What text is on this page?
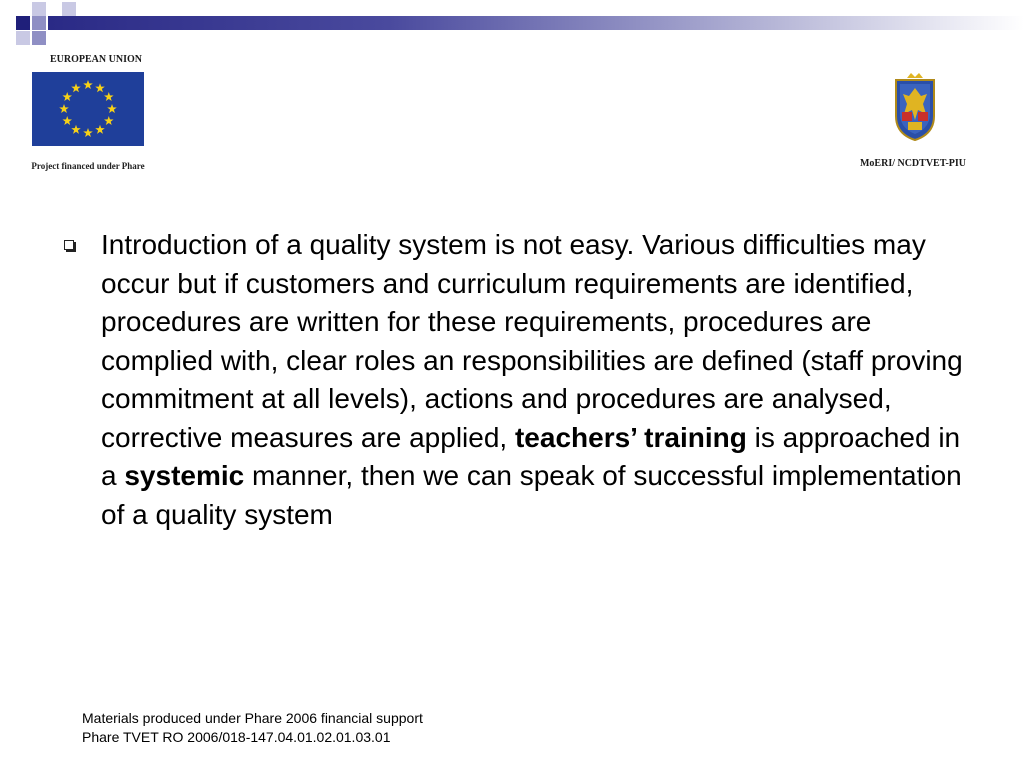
EUROPEAN UNION
Project financed under Phare	MoERI/ NCDTVET-PIU
Introduction of a quality system is not easy. Various difficulties may occur but if customers and curriculum requirements are identified, procedures are written for these requirements, procedures are complied with, clear roles an responsibilities are defined (staff proving commitment at all levels), actions and procedures are analysed, corrective measures are applied, teachers’ training is approached in a systemic manner, then we can speak of successful implementation of a quality system
Materials produced under Phare 2006 financial support
Phare TVET RO 2006/018-147.04.01.02.01.03.01
